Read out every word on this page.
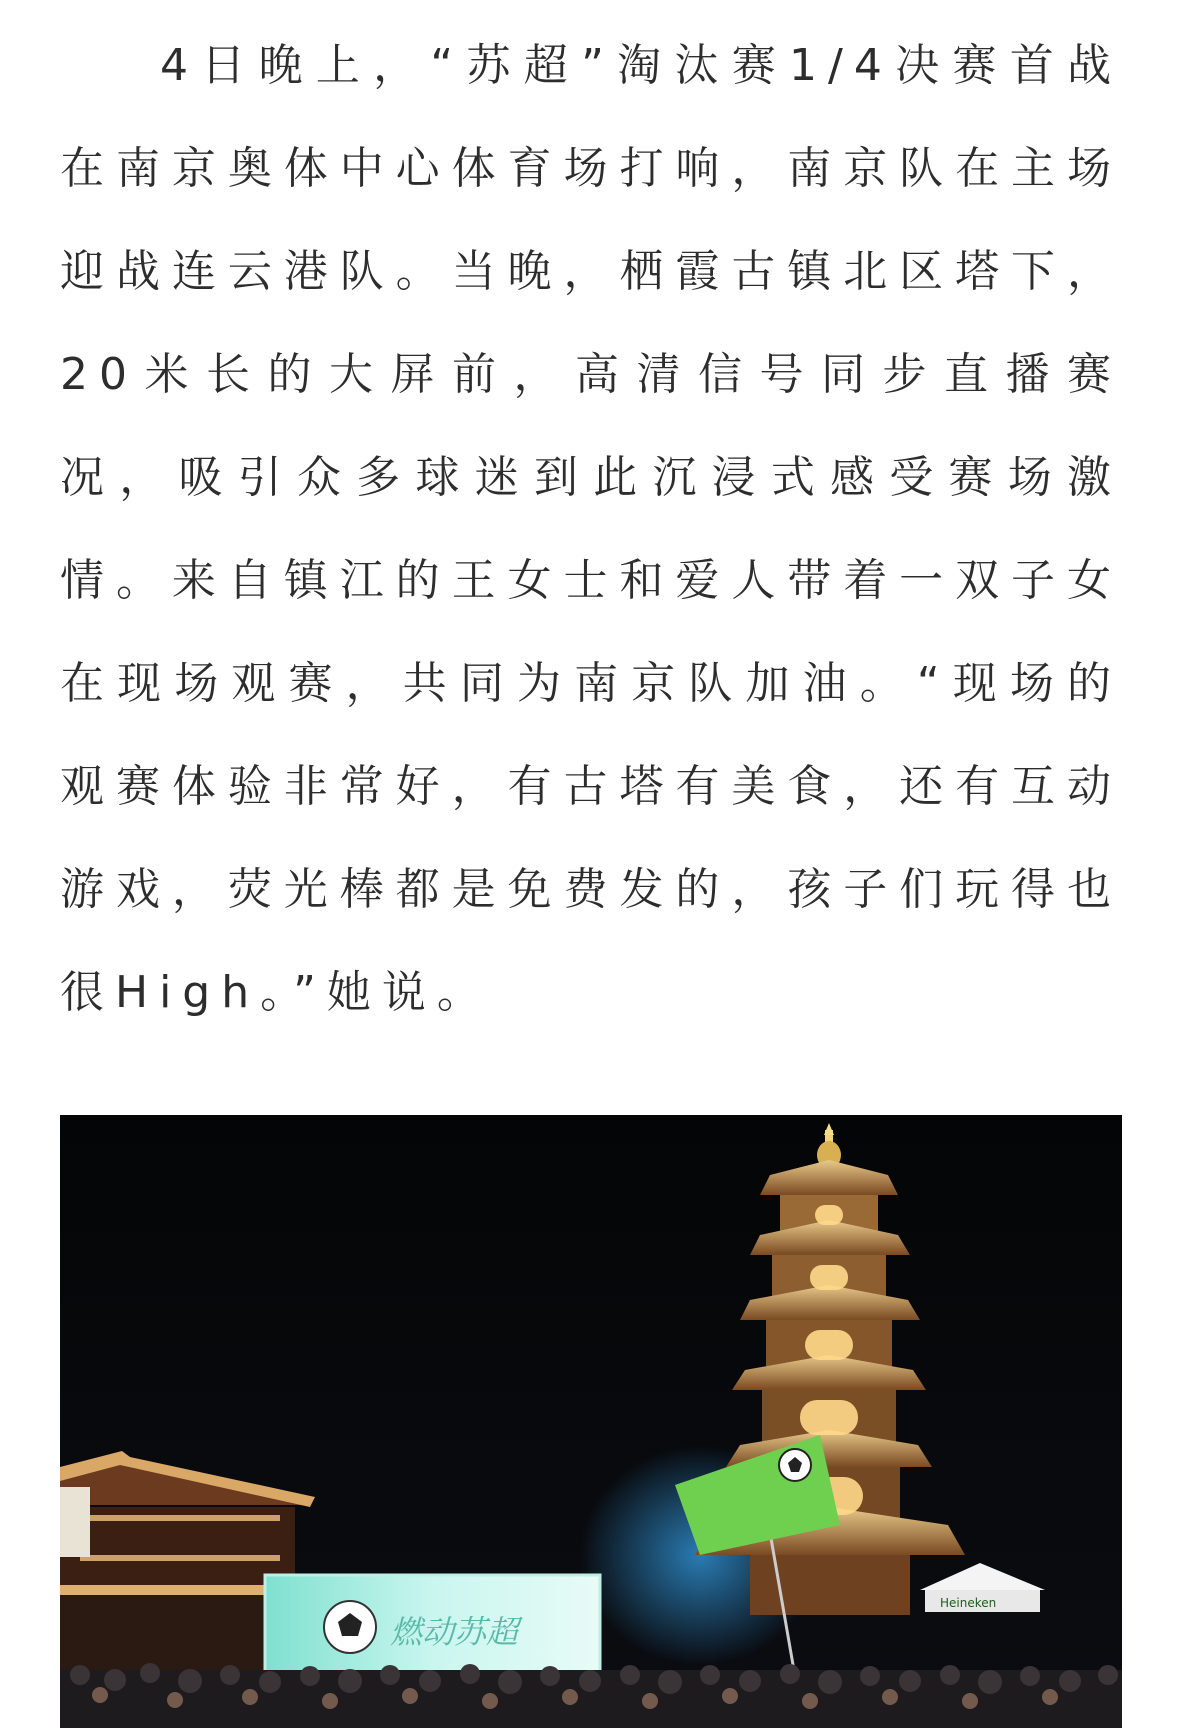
4日晚上，“苏超”淘汰赛1/4决赛首战在南京奥体中心体育场打响，南京队在主场迎战连云港队。当晚，栖霞古镇北区塔下，20米长的大屏前，高清信号同步直播赛况，吸引众多球迷到此沉浸式感受赛场激情。来自镇江的王女士和爱人带着一双子女在现场观赛，共同为南京队加油。“现场的观赛体验非常好，有古塔有美食，还有互动游戏，荧光棒都是免费发的，孩子们玩得也很High。”她说。

燃动苏超
Heineken
